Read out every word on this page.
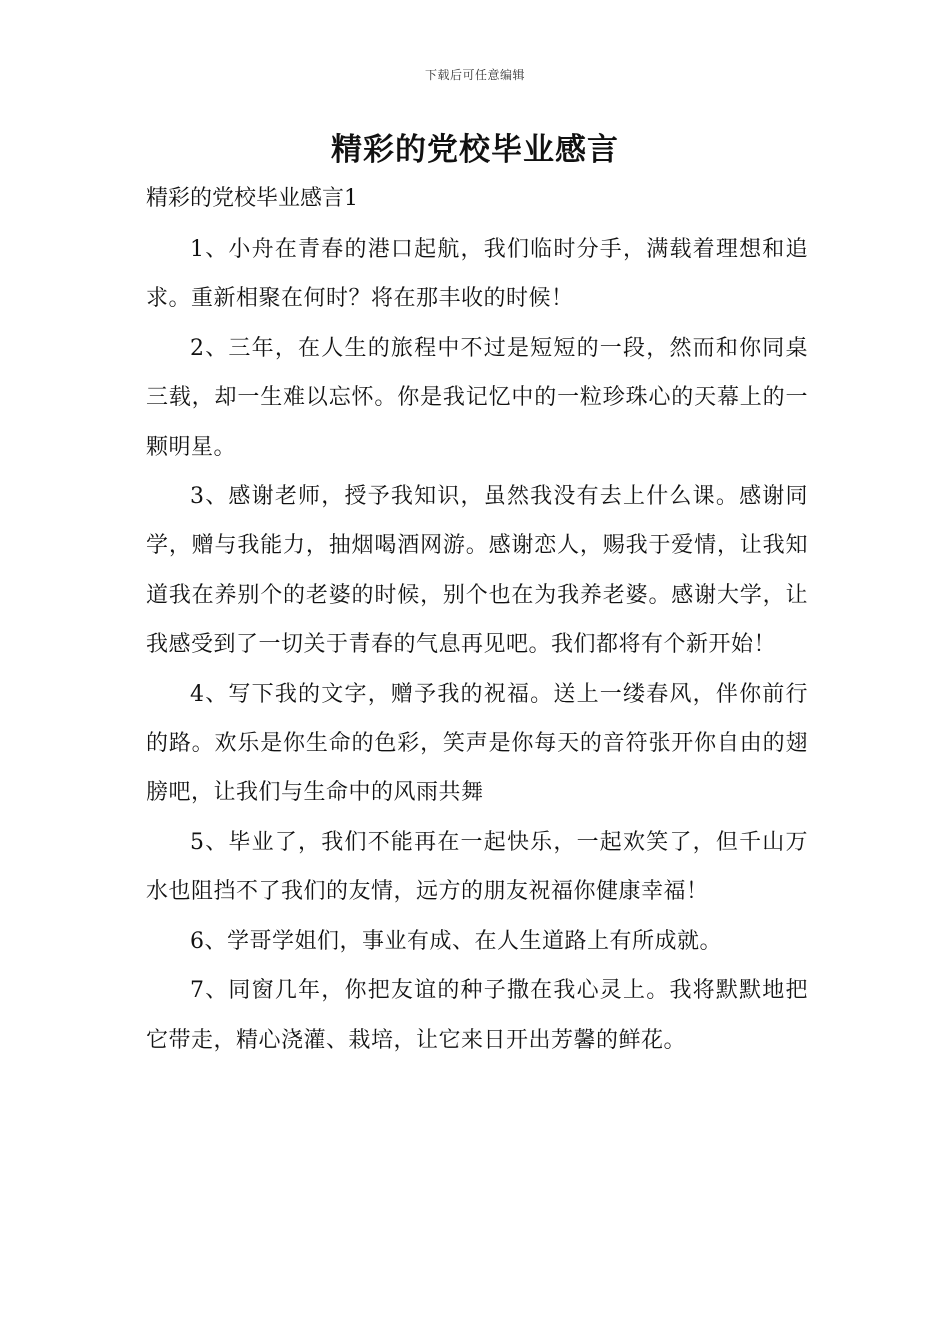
下载后可任意编辑
精彩的党校毕业感言

精彩的党校毕业感言1

1、小舟在青春的港口起航，我们临时分手，满载着理想和追求。重新相聚在何时？将在那丰收的时候！

2、三年，在人生的旅程中不过是短短的一段，然而和你同桌三载，却一生难以忘怀。你是我记忆中的一粒珍珠心的天幕上的一颗明星。

3、感谢老师，授予我知识，虽然我没有去上什么课。感谢同学，赠与我能力，抽烟喝酒网游。感谢恋人，赐我于爱情，让我知道我在养别个的老婆的时候，别个也在为我养老婆。感谢大学，让我感受到了一切关于青春的气息再见吧。我们都将有个新开始！

4、写下我的文字，赠予我的祝福。送上一缕春风，伴你前行的路。欢乐是你生命的色彩，笑声是你每天的音符张开你自由的翅膀吧，让我们与生命中的风雨共舞

5、毕业了，我们不能再在一起快乐，一起欢笑了，但千山万水也阻挡不了我们的友情，远方的朋友祝福你健康幸福！

6、学哥学姐们，事业有成、在人生道路上有所成就。

7、同窗几年，你把友谊的种子撒在我心灵上。我将默默地把它带走，精心浇灌、栽培，让它来日开出芳馨的鲜花。
